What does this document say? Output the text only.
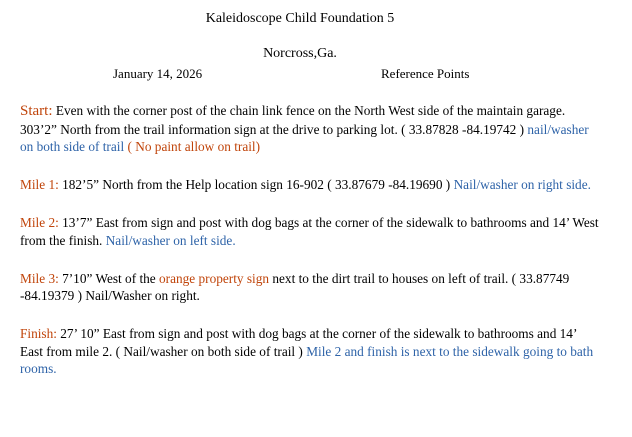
Kaleidoscope Child Foundation 5
Norcross,Ga.
January 14, 2026	Reference Points

Start: Even with the corner post of the chain link fence on the North West side of the maintain garage. 303’2” North from the trail information sign at the drive to parking lot. ( 33.87828 -84.19742 ) nail/washer on both side of trail ( No paint allow on trail)

Mile 1: 182’5” North from the Help location sign 16-902 ( 33.87679 -84.19690 ) Nail/washer on right side.

Mile 2: 13’7” East from sign and post with dog bags at the corner of the sidewalk to bathrooms and 14’ West from the finish. Nail/washer on left side.

Mile 3: 7’10” West of the orange property sign next to the dirt trail to houses on left of trail. ( 33.87749 -84.19379 ) Nail/Washer on right.

Finish: 27’ 10” East from sign and post with dog bags at the corner of the sidewalk to bathrooms and 14’ East from mile 2. ( Nail/washer on both side of trail ) Mile 2 and finish is next to the sidewalk going to bath rooms.
